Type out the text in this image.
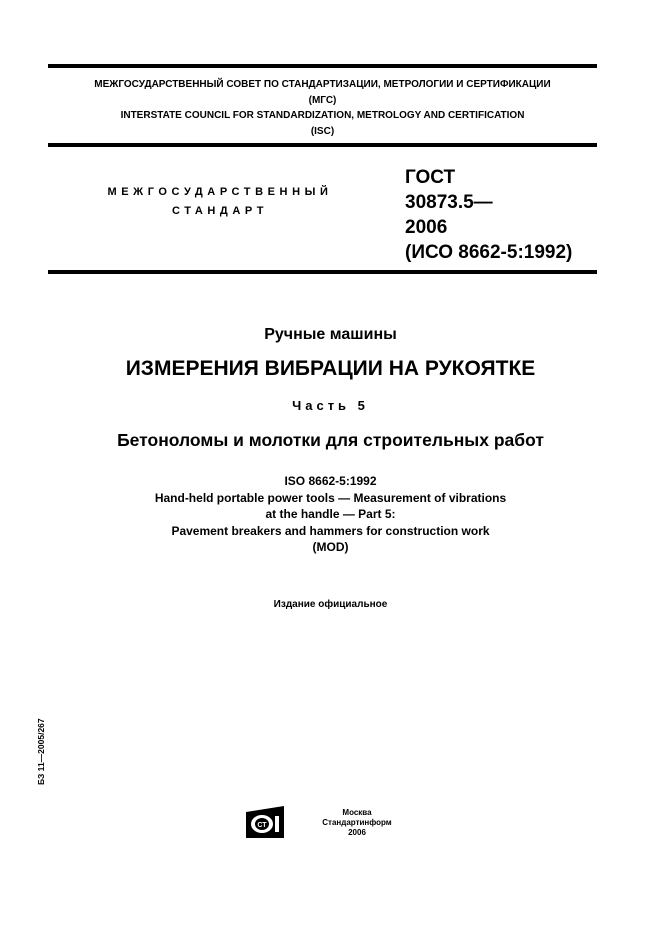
МЕЖГОСУДАРСТВЕННЫЙ СОВЕТ ПО СТАНДАРТИЗАЦИИ, МЕТРОЛОГИИ И СЕРТИФИКАЦИИ
(МГС)
INTERSTATE COUNCIL FOR STANDARDIZATION, METROLOGY AND CERTIFICATION
(ISC)
МЕЖГОСУДАРСТВЕННЫЙ
СТАНДАРТ
ГОСТ
30873.5—
2006
(ИСО 8662-5:1992)
Ручные машины
ИЗМЕРЕНИЯ ВИБРАЦИИ НА РУКОЯТКЕ
Часть 5
Бетоноломы и молотки для строительных работ
ISO 8662-5:1992
Hand-held portable power tools — Measurement of vibrations
at the handle — Part 5:
Pavement breakers and hammers for construction work
(MOD)
Издание официальное
БЗ 11—2005/267
СТ
Москва
Стандартинформ
2006
